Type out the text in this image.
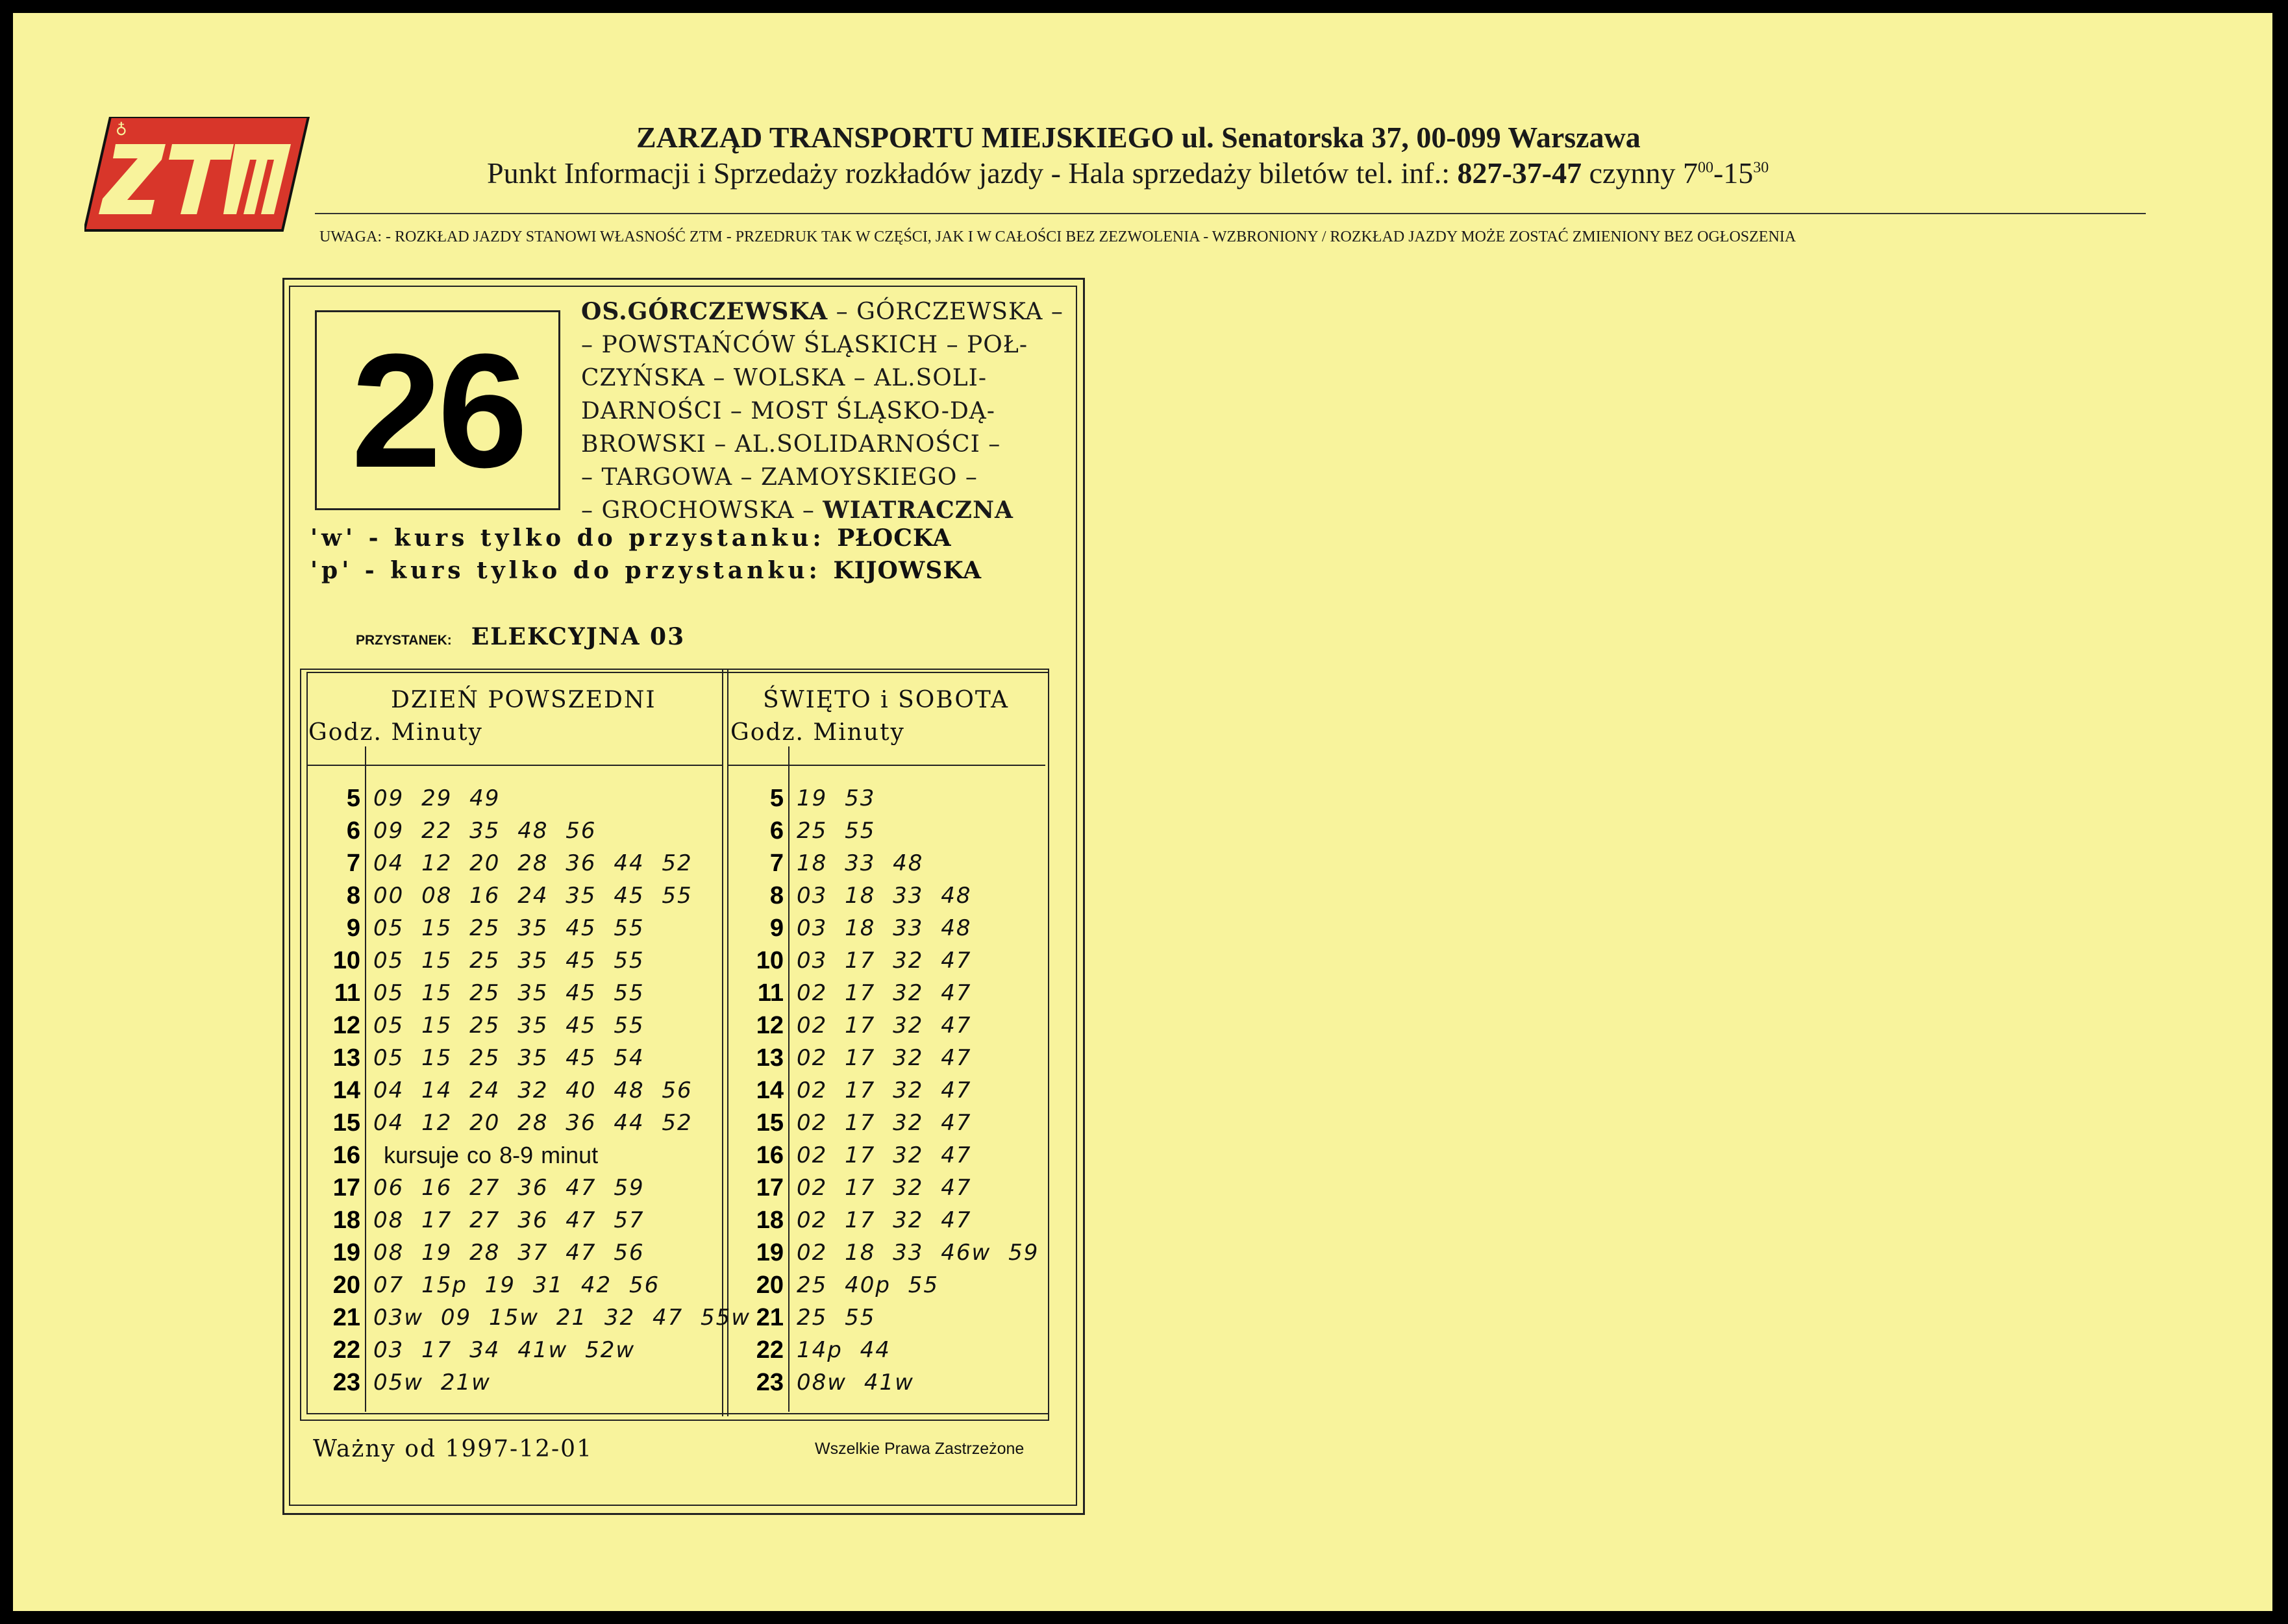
♁	ZARZĄD TRANSPORTU MIEJSKIEGO ul. Senatorska 37, 00-099 Warszawa
Punkt Informacji i Sprzedaży rozkładów jazdy - Hala sprzedaży biletów tel. inf.: 827-37-47 czynny $7^{00}-15^{30}$
UWAGA: - ROZKŁAD JAZDY STANOWI WŁASNOŚĆ ZTM - PRZEDRUK TAK W CZĘŚCI, JAK I W CAŁOŚCI BEZ ZEZWOLENIA - WZBRONIONY / ROZKŁAD JAZDY MOŻE ZOSTAĆ ZMIENIONY BEZ OGŁOSZENIA
26
OS.GÓRCZEWSKA – GÓRCZEWSKA –
– POWSTAŃCÓW ŚLĄSKICH – POŁ-
CZYŃSKA – WOLSKA – AL.SOLI-
DARNOŚCI – MOST ŚLĄSKO-DĄ-
BROWSKI – AL.SOLIDARNOŚCI –
– TARGOWA – ZAMOYSKIEGO –
– GROCHOWSKA – WIATRACZNA
'w' - kurs tylko do przystanku: PŁOCKA
'p' - kurs tylko do przystanku: KIJOWSKA
PRZYSTANEK: ELEKCYJNA 03
DZIEŃ POWSZEDNI
Godz. Minuty
ŚWIĘTO i SOBOTA
Godz. Minuty
5 09 29 49
6 09 22 35 48 56
7 04 12 20 28 36 44 52
8 00 08 16 24 35 45 55
9 05 15 25 35 45 55
10 05 15 25 35 45 55
11 05 15 25 35 45 55
12 05 15 25 35 45 55
13 05 15 25 35 45 54
14 04 14 24 32 40 48 56
15 04 12 20 28 36 44 52
16	kursuje co 8-9 minut
17 06 16 27 36 47 59
18 08 17 27 36 47 57
19 08 19 28 37 47 56
20 07 15p 19 31 42 56
21 03w 09 15w 21 32 47 55w
22 03 17 34 41w 52w
23 05w 21w
5 19 53
6 25 55
7 18 33 48
8 03 18 33 48
9 03 18 33 48
10 03 17 32 47
11 02 17 32 47
12 02 17 32 47
13 02 17 32 47
14 02 17 32 47
15 02 17 32 47
16 02 17 32 47
17 02 17 32 47
18 02 17 32 47
19 02 18 33 46w 59
20 25 40p 55
21 25 55
22 14p 44
23 08w 41w
Ważny od 1997-12-01	Wszelkie Prawa Zastrzeżone
